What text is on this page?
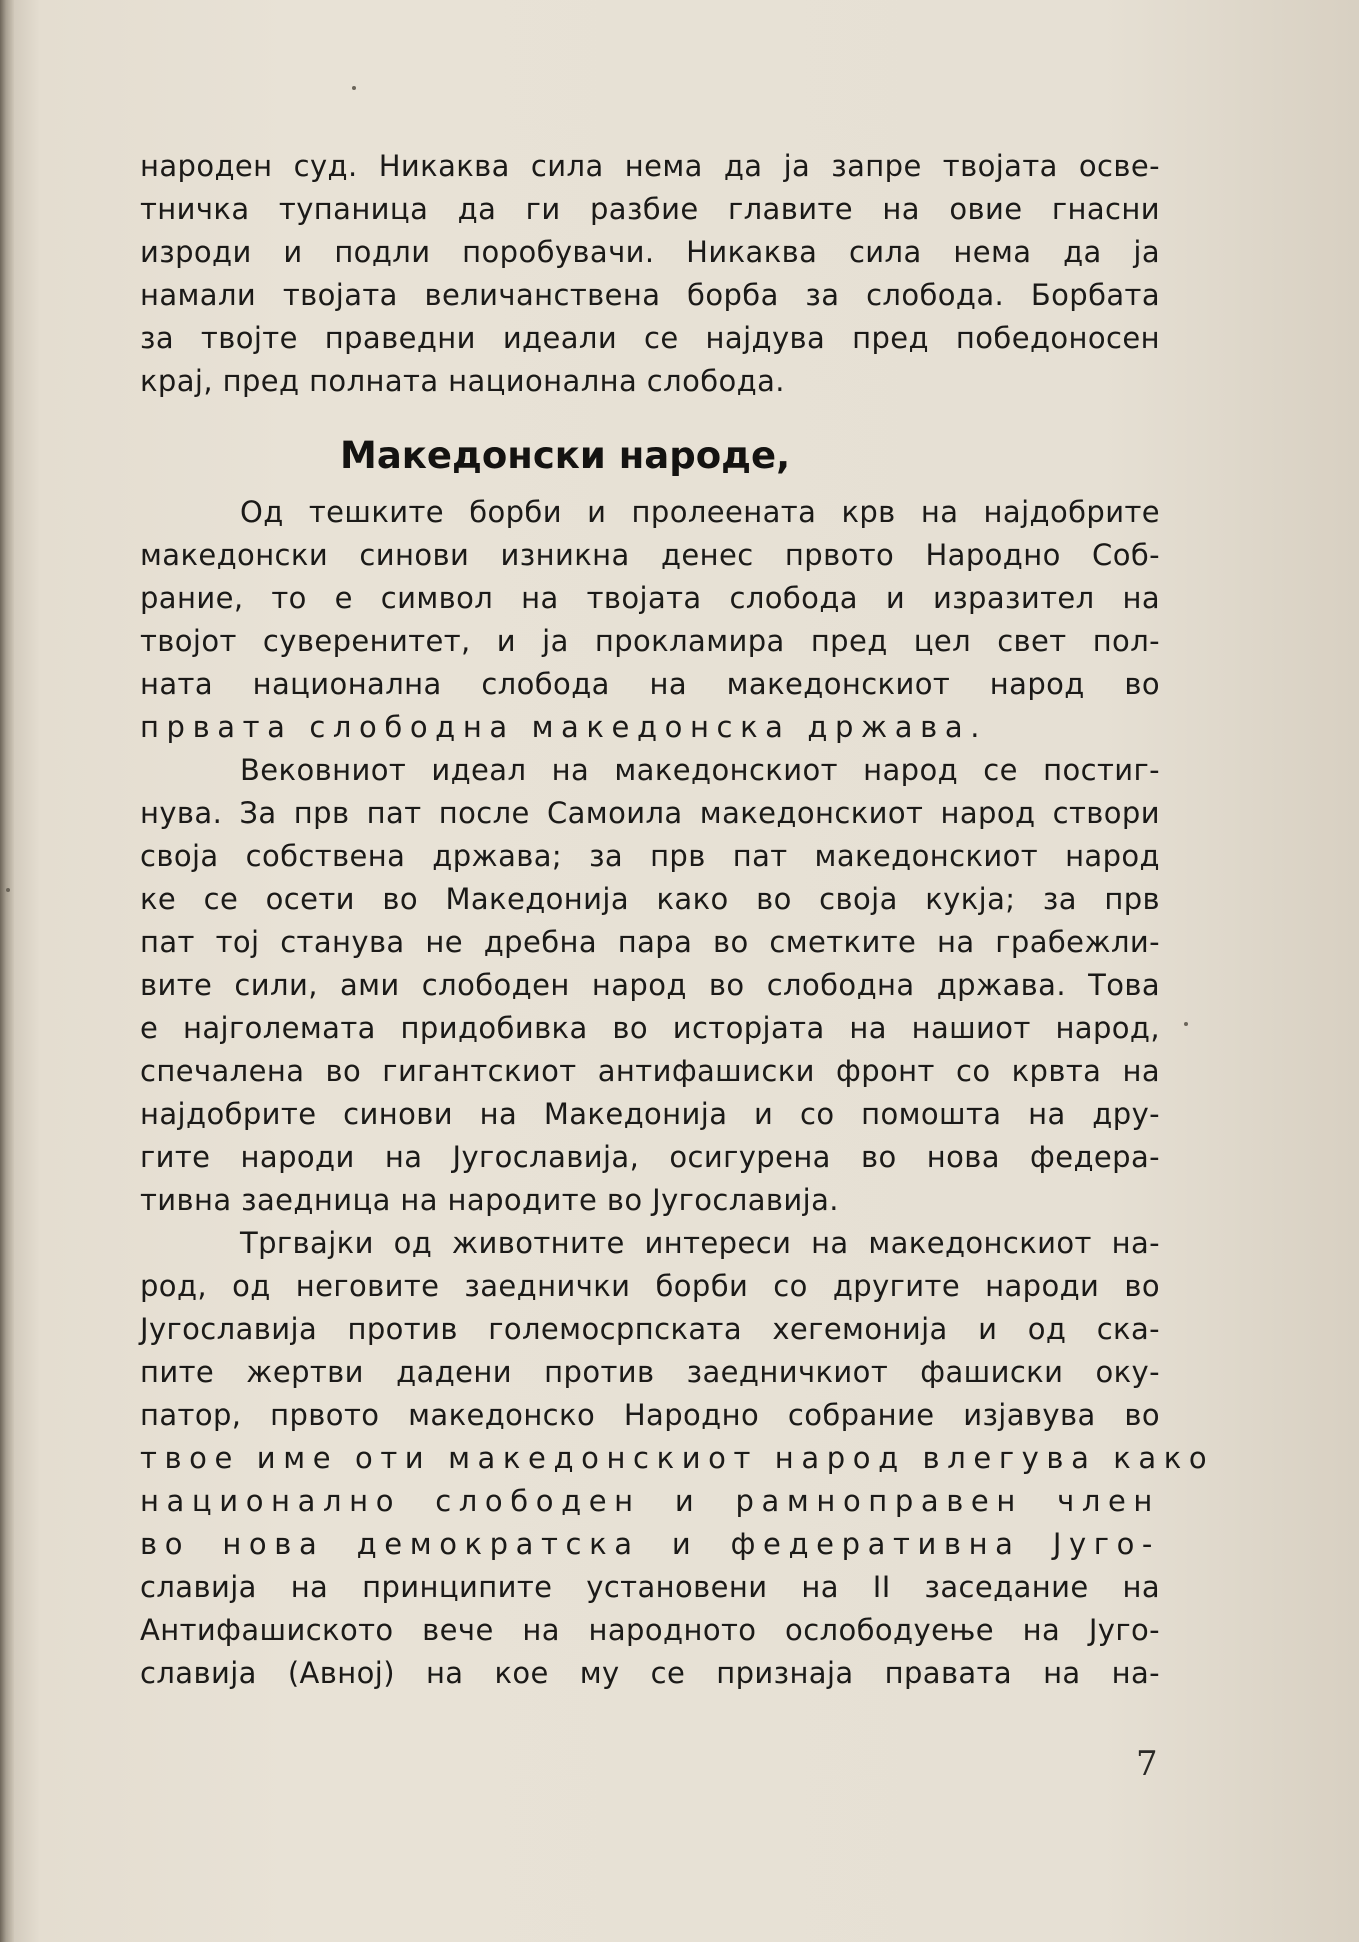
народен суд. Никаква сила нема да ја запре твојата осве-
тничка тупаница да ги разбие главите на овие гнасни
изроди и подли поробувачи. Никаква сила нема да ја
намали твојата величанствена борба за слобода. Борбата
за твојте праведни идеали се најдува пред победоносен
крај, пред полната национална слобода.
Македонски народе,
Од тешките борби и пролеената крв на најдобрите
македонски синови изникна денес првото Народно Соб-
рание, то е символ на твојата слобода и изразител на
твојот суверенитет, и ја прокламира пред цел свет пол-
ната национална слобода на македонскиот народ во
првата слободна македонска држава.
Вековниот идеал на македонскиот народ се постиг-
нува. За прв пат после Самоила македонскиот народ створи
своја собствена држава; за прв пат македонскиот народ
ке се осети во Македонија како во своја кукја; за прв
пат тој станува не дребна пара во сметките на грабежли-
вите сили, ами слободен народ во слободна држава. Това
е најголемата придобивка во исторјата на нашиот народ,
спечалена во гигантскиот антифашиски фронт со крвта на
најдобрите синови на Македонија и со помошта на дру-
гите народи на Југославија, осигурена во нова федера-
тивна заедница на народите во Југославија.
Тргвајки од животните интереси на македонскиот на-
род, од неговите заеднички борби со другите народи во
Југославија против големосрпската хегемонија и од ска-
пите жертви дадени против заедничкиот фашиски оку-
патор, првото македонско Народно собрание изјавува во
твое име оти македонскиот народ влегува како
национално слободен и рамноправен член
во нова демократска и федеративна Југо-
славија на принципите установени на II заседание на
Антифашиското вече на народното ослободуење на Југо-
славија (Авној) на кое му се признаја правата на на-
7
